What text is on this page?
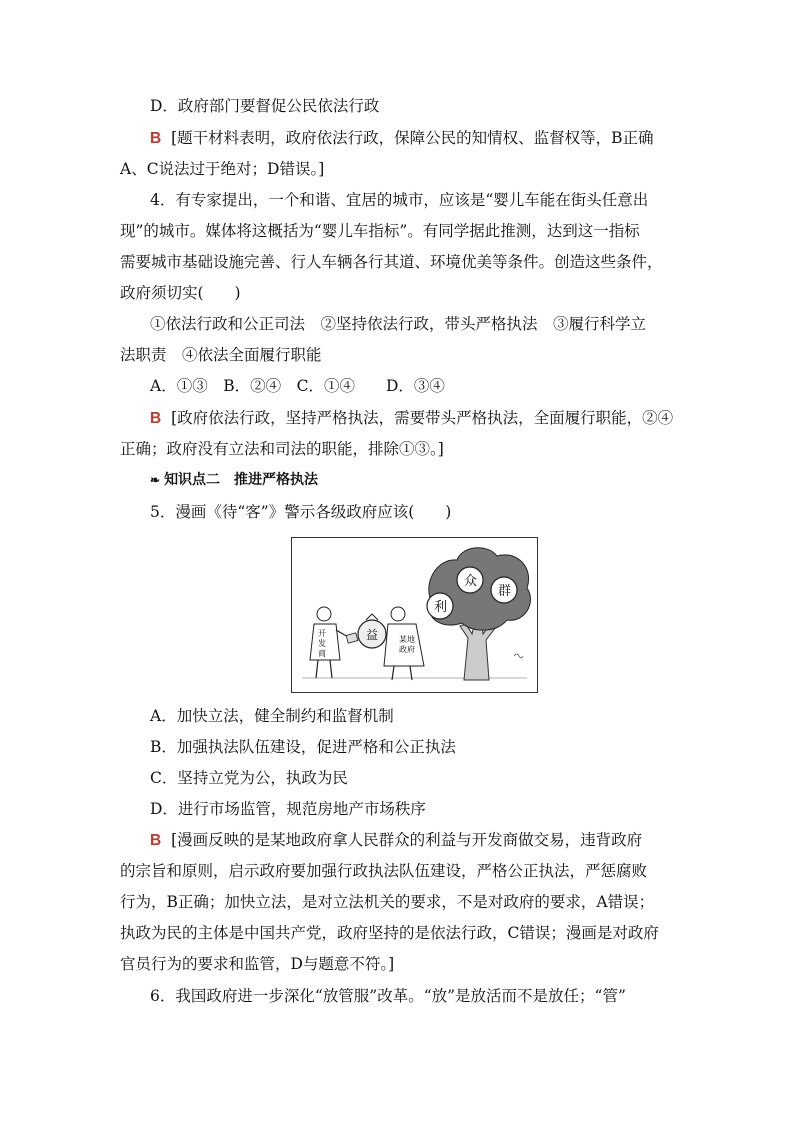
D．政府部门要督促公民依法行政
B [题干材料表明，政府依法行政，保障公民的知情权、监督权等，B正确
A、C说法过于绝对；D错误。]
4．有专家提出，一个和谐、宜居的城市，应该是“婴儿车能在街头任意出
现”的城市。媒体将这概括为“婴儿车指标”。有同学据此推测，达到这一指标
需要城市基础设施完善、行人车辆各行其道、环境优美等条件。创造这些条件，
政府须切实(　　)
①依法行政和公正司法　②坚持依法行政，带头严格执法　③履行科学立
法职责　④依法全面履行职能
A．①③　B．②④　C．①④　　D．③④
B [政府依法行政，坚持严格执法，需要带头严格执法，全面履行职能，②④
正确；政府没有立法和司法的职能，排除①③。]
❧ 知识点二　推进严格执法
5．漫画《待“客”》警示各级政府应该(　　)
众
群
利
开
发
商
某地
政府
益
A．加快立法，健全制约和监督机制
B．加强执法队伍建设，促进严格和公正执法
C．坚持立党为公，执政为民
D．进行市场监管，规范房地产市场秩序
B [漫画反映的是某地政府拿人民群众的利益与开发商做交易，违背政府
的宗旨和原则，启示政府要加强行政执法队伍建设，严格公正执法，严惩腐败
行为，B正确；加快立法，是对立法机关的要求，不是对政府的要求，A错误；
执政为民的主体是中国共产党，政府坚持的是依法行政，C错误；漫画是对政府
官员行为的要求和监管，D与题意不符。]
6．我国政府进一步深化“放管服”改革。“放”是放活而不是放任；“管”
